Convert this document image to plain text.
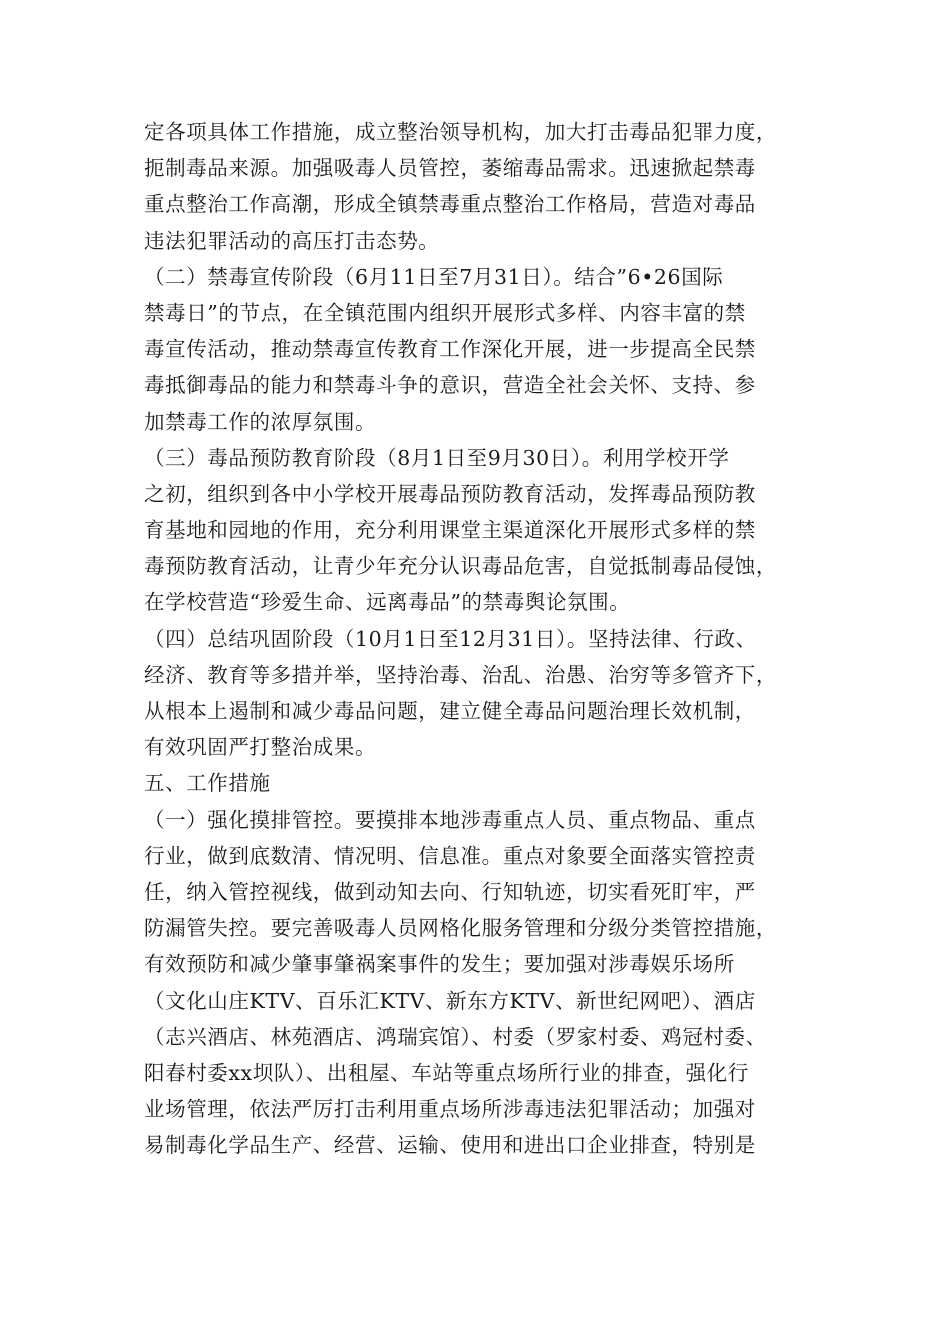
定各项具体工作措施，成立整治领导机构，加大打击毒品犯罪力度，
扼制毒品来源。加强吸毒人员管控，萎缩毒品需求。迅速掀起禁毒
重点整治工作高潮，形成全镇禁毒重点整治工作格局，营造对毒品
违法犯罪活动的高压打击态势。
（二）禁毒宣传阶段（6月11日至7月31日）。结合”6•26国际
禁毒日”的节点，在全镇范围内组织开展形式多样、内容丰富的禁
毒宣传活动，推动禁毒宣传教育工作深化开展，进一步提高全民禁
毒抵御毒品的能力和禁毒斗争的意识，营造全社会关怀、支持、参
加禁毒工作的浓厚氛围。
（三）毒品预防教育阶段（8月1日至9月30日）。利用学校开学
之初，组织到各中小学校开展毒品预防教育活动，发挥毒品预防教
育基地和园地的作用，充分利用课堂主渠道深化开展形式多样的禁
毒预防教育活动，让青少年充分认识毒品危害，自觉抵制毒品侵蚀，
在学校营造“珍爱生命、远离毒品”的禁毒舆论氛围。
（四）总结巩固阶段（10月1日至12月31日）。坚持法律、行政、
经济、教育等多措并举，坚持治毒、治乱、治愚、治穷等多管齐下，
从根本上遏制和减少毒品问题，建立健全毒品问题治理长效机制，
有效巩固严打整治成果。
五、工作措施
（一）强化摸排管控。要摸排本地涉毒重点人员、重点物品、重点
行业，做到底数清、情况明、信息准。重点对象要全面落实管控责
任，纳入管控视线，做到动知去向、行知轨迹，切实看死盯牢，严
防漏管失控。要完善吸毒人员网格化服务管理和分级分类管控措施，
有效预防和减少肇事肇祸案事件的发生；要加强对涉毒娱乐场所
（文化山庄KTV、百乐汇KTV、新东方KTV、新世纪网吧）、酒店
（志兴酒店、林苑酒店、鸿瑞宾馆）、村委（罗家村委、鸡冠村委、
阳春村委xx坝队）、出租屋、车站等重点场所行业的排查，强化行
业场管理，依法严厉打击利用重点场所涉毒违法犯罪活动；加强对
易制毒化学品生产、经营、运输、使用和进出口企业排查，特别是
